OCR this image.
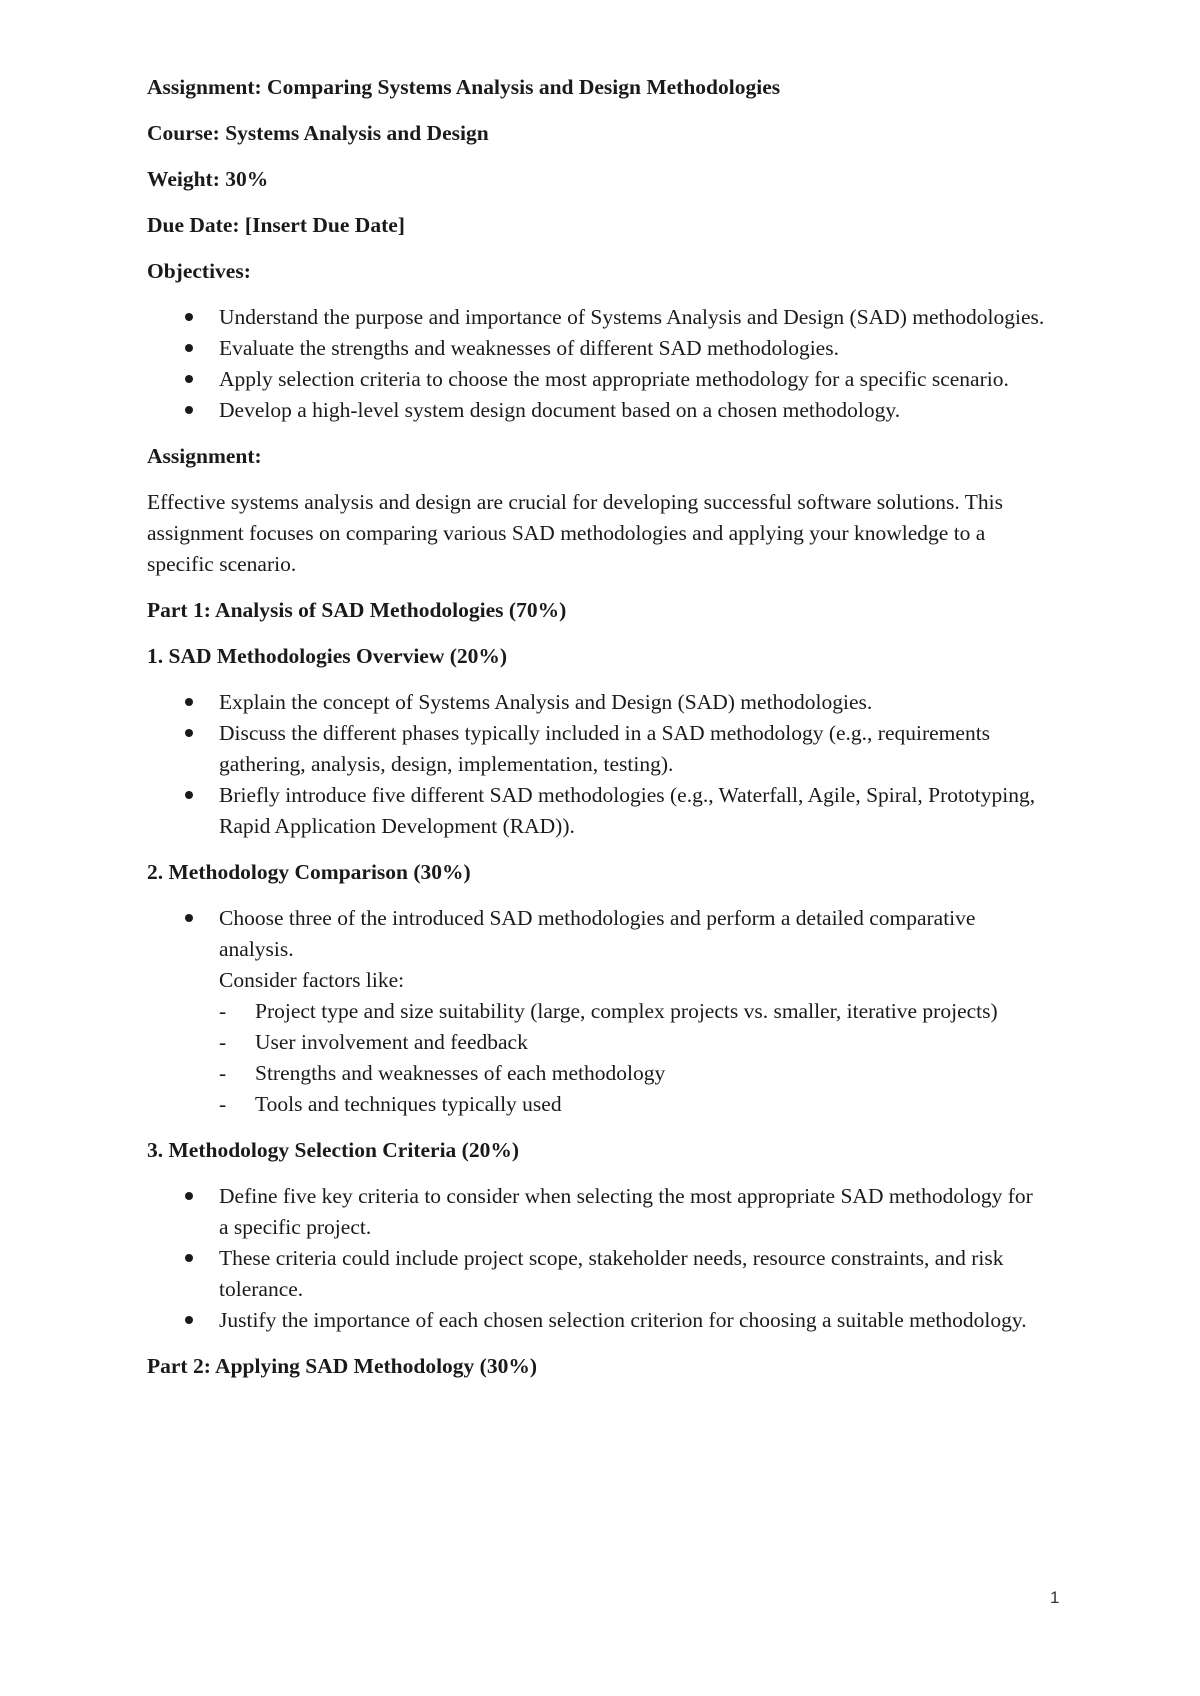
Assignment: Comparing Systems Analysis and Design Methodologies

Course: Systems Analysis and Design

Weight: 30%

Due Date: [Insert Due Date]

Objectives:

Understand the purpose and importance of Systems Analysis and Design (SAD) methodologies.
Evaluate the strengths and weaknesses of different SAD methodologies.
Apply selection criteria to choose the most appropriate methodology for a specific scenario.
Develop a high-level system design document based on a chosen methodology.

Assignment:

Effective systems analysis and design are crucial for developing successful software solutions. This assignment focuses on comparing various SAD methodologies and applying your knowledge to a specific scenario.

Part 1: Analysis of SAD Methodologies (70%)

1. SAD Methodologies Overview (20%)

Explain the concept of Systems Analysis and Design (SAD) methodologies.
Discuss the different phases typically included in a SAD methodology (e.g., requirements gathering, analysis, design, implementation, testing).
Briefly introduce five different SAD methodologies (e.g., Waterfall, Agile, Spiral, Prototyping, Rapid Application Development (RAD)).

2. Methodology Comparison (30%)

Choose three of the introduced SAD methodologies and perform a detailed comparative analysis.
Consider factors like:
- Project type and size suitability (large, complex projects vs. smaller, iterative projects)
- User involvement and feedback
- Strengths and weaknesses of each methodology
- Tools and techniques typically used

3. Methodology Selection Criteria (20%)

Define five key criteria to consider when selecting the most appropriate SAD methodology for a specific project.
These criteria could include project scope, stakeholder needs, resource constraints, and risk tolerance.
Justify the importance of each chosen selection criterion for choosing a suitable methodology.

Part 2: Applying SAD Methodology (30%)

1
